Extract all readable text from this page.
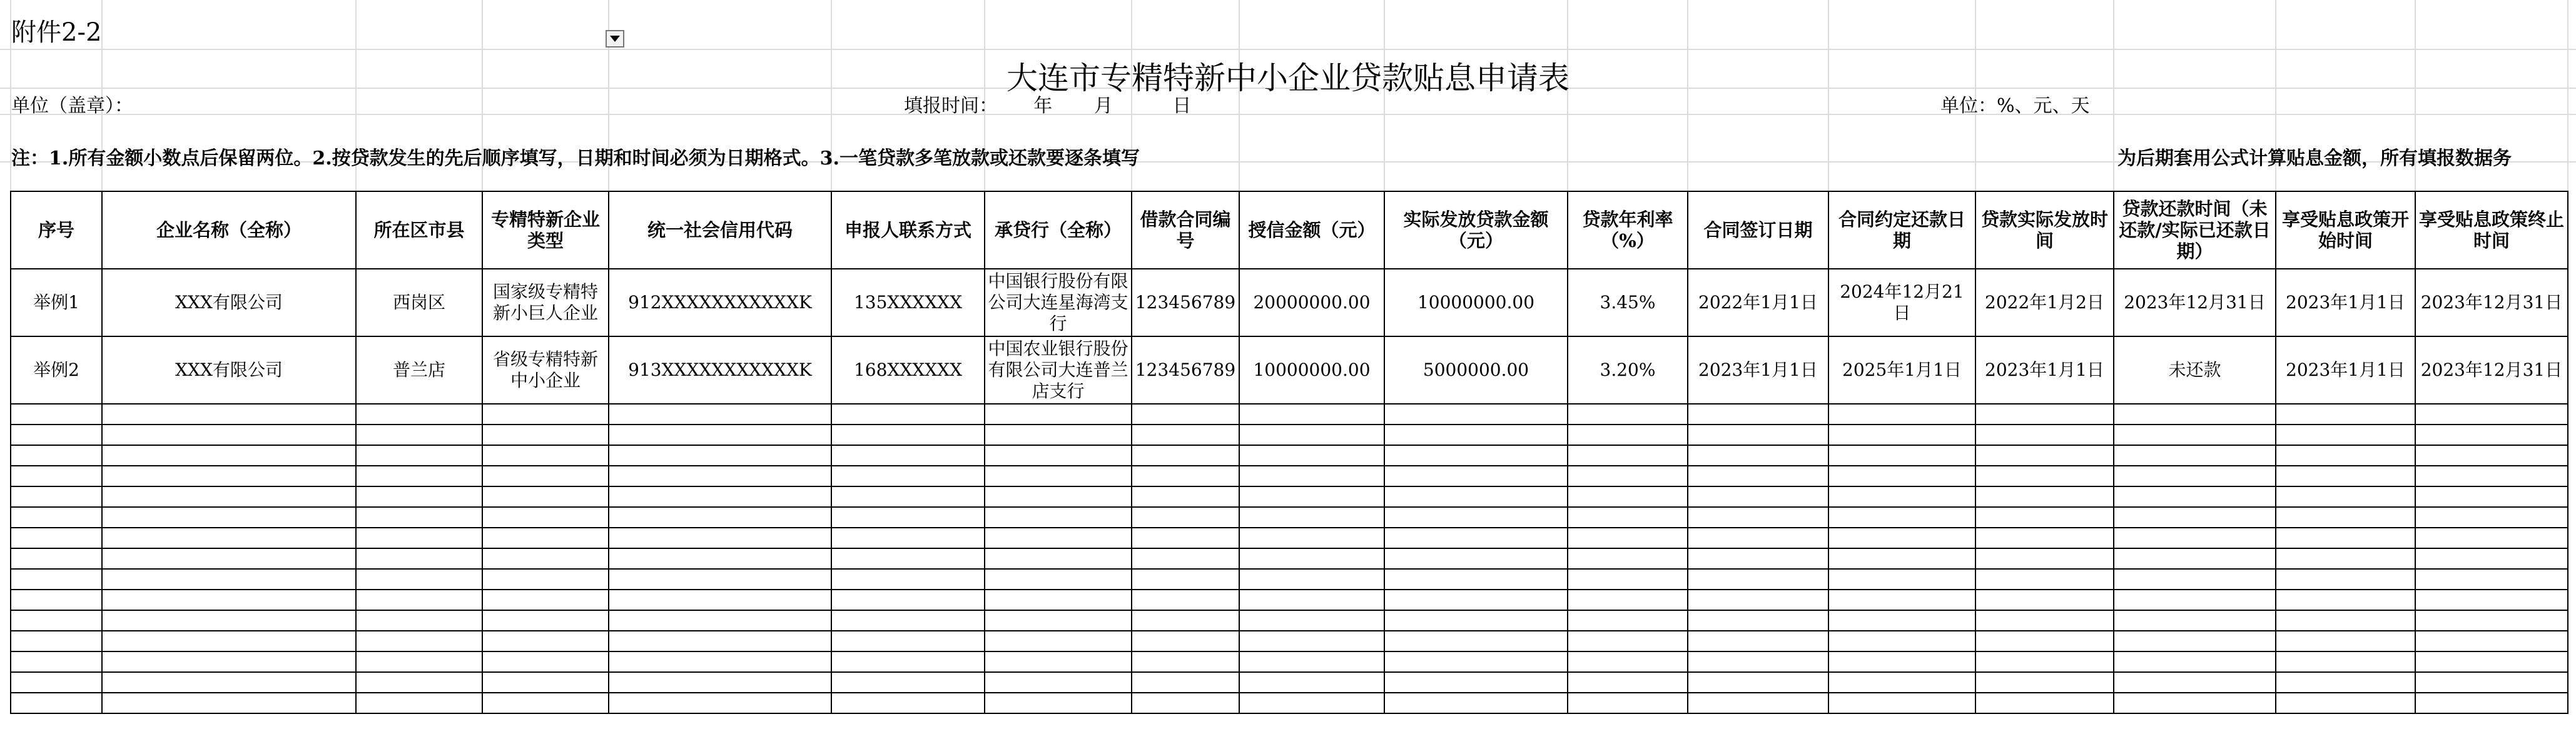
附件2-2
大连市专精特新中小企业贷款贴息申请表
单位（盖章）：	填报时间：      年       月          日	单位：%、元、天
注：1.所有金额小数点后保留两位。2.按贷款发生的先后顺序填写，日期和时间必须为日期格式。3.一笔贷款多笔放款或还款要逐条填写	为后期套用公式计算贴息金额，所有填报数据务
序号	企业名称（全称）	所在区市县	专精特新企业类型	统一社会信用代码	申报人联系方式	承贷行（全称）	借款合同编号	授信金额（元）	实际发放贷款金额（元）	贷款年利率（%）	合同签订日期	合同约定还款日期	贷款实际发放时间	贷款还款时间（未还款/实际已还款日期）	享受贴息政策开始时间	享受贴息政策终止时间
举例1	XXX有限公司	西岗区	国家级专精特新小巨人企业	912XXXXXXXXXXXK	135XXXXXX	中国银行股份有限公司大连星海湾支行	123456789	20000000.00	10000000.00	3.45%	2022年1月1日	2024年12月21日	2022年1月2日	2023年12月31日	2023年1月1日	2023年12月31日
举例2	XXX有限公司	普兰店	省级专精特新中小企业	913XXXXXXXXXXXK	168XXXXXX	中国农业银行股份有限公司大连普兰店支行	123456789	10000000.00	5000000.00	3.20%	2023年1月1日	2025年1月1日	2023年1月1日	未还款	2023年1月1日	2023年12月31日
